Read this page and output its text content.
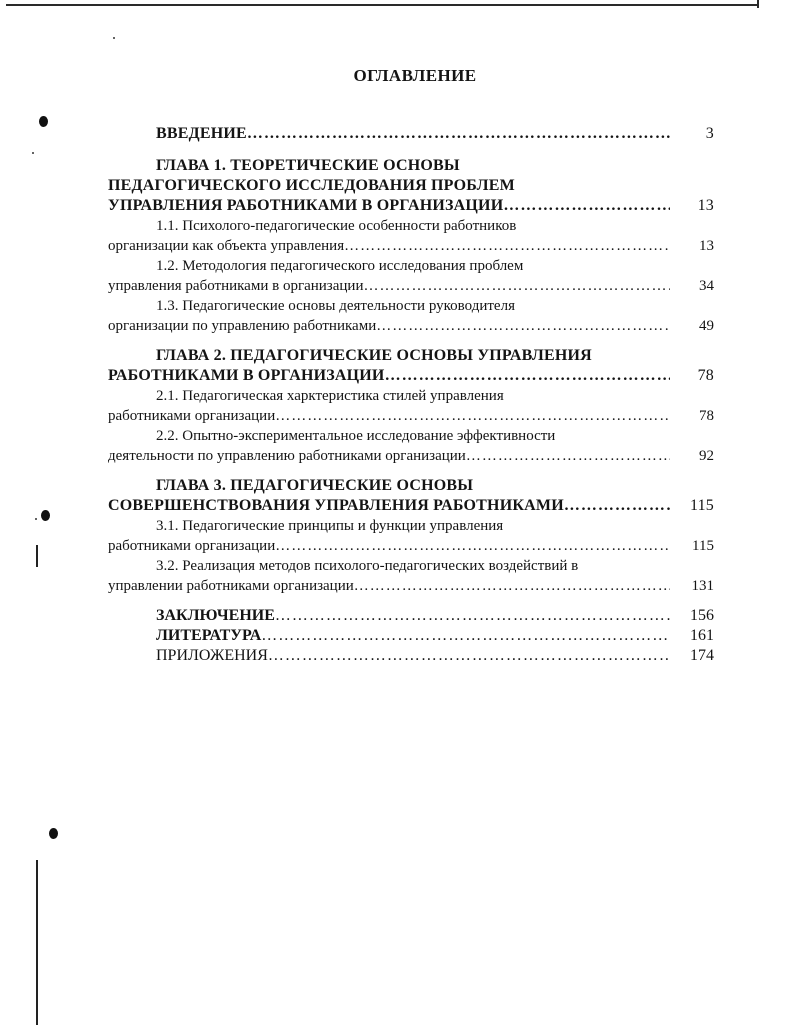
ОГЛАВЛЕНИЕ
ВВЕДЕНИЕ ……………………………………………………………………………………………………………………………………	3
ГЛАВА 1. ТЕОРЕТИЧЕСКИЕ ОСНОВЫ
ПЕДАГОГИЧЕСКОГО ИССЛЕДОВАНИЯ ПРОБЛЕМ
УПРАВЛЕНИЯ РАБОТНИКАМИ В ОРГАНИЗАЦИИ ……………………………………………………………………………………………………………………………………	13
1.1. Психолого-педагогические особенности работников
организации как объекта управления ……………………………………………………………………………………………………………………………………	13
1.2. Методология педагогического исследования проблем
управления работниками в организации ……………………………………………………………………………………………………………………………………	34
1.3. Педагогические основы деятельности руководителя
организации по управлению работниками ……………………………………………………………………………………………………………………………………	49
ГЛАВА 2. ПЕДАГОГИЧЕСКИЕ ОСНОВЫ УПРАВЛЕНИЯ
РАБОТНИКАМИ В ОРГАНИЗАЦИИ ……………………………………………………………………………………………………………………………………	78
2.1. Педагогическая харктеристика стилей управления
работниками организации ……………………………………………………………………………………………………………………………………	78
2.2. Опытно-экспериментальное исследование эффективности
деятельности по управлению работниками организации ……………………………………………………………………………………………………………………………………	92
ГЛАВА 3. ПЕДАГОГИЧЕСКИЕ ОСНОВЫ
СОВЕРШЕНСТВОВАНИЯ УПРАВЛЕНИЯ РАБОТНИКАМИ ……………………………………………………………………………………………………………………………………	115
3.1. Педагогические принципы и функции управления
работниками организации ……………………………………………………………………………………………………………………………………	115
3.2. Реализация методов психолого-педагогических воздействий в
управлении работниками организации ……………………………………………………………………………………………………………………………………	131
ЗАКЛЮЧЕНИЕ ……………………………………………………………………………………………………………………………………	156
ЛИТЕРАТУРА ……………………………………………………………………………………………………………………………………	161
ПРИЛОЖЕНИЯ ……………………………………………………………………………………………………………………………………	174
